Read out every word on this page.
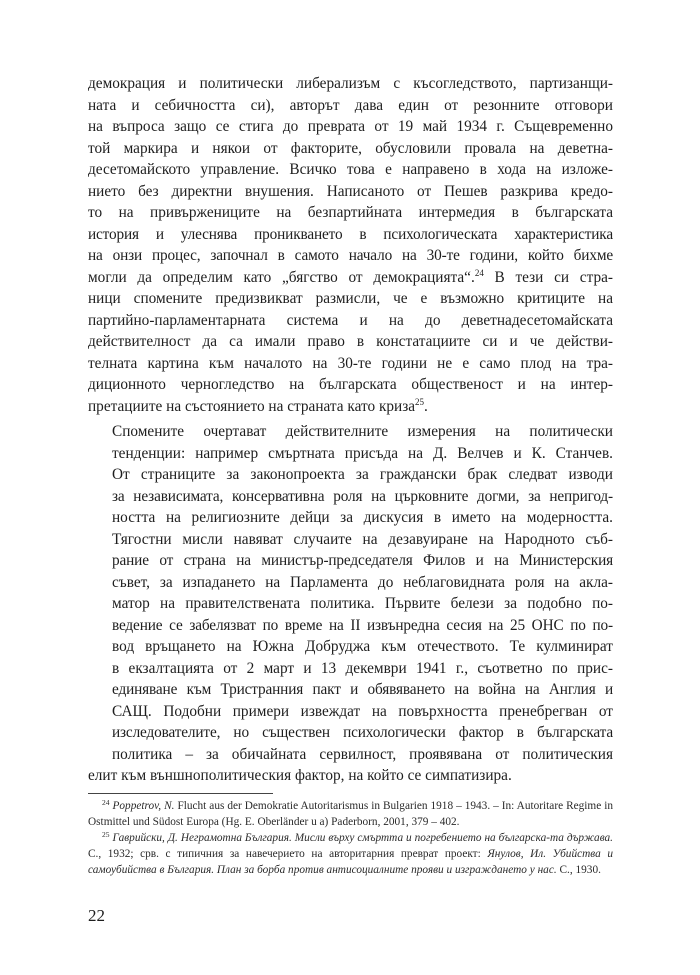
демокрация и политически либерализъм с късогледството, партизанщи-
ната и себичността си), авторът дава един от резонните отговори
на въпроса защо се стига до превратa от 19 май 1934 г. Същевременно
той маркира и някои от факторите, обусловили провала на деветна-
десетомайското управление. Всичко това е направено в хода на изложе-
нието без директни внушения. Написаното от Пешев разкрива кредо-
то на привържениците на безпартийната интермедия в българската
история и улеснява проникването в психологическата характеристика
на онзи процес, започнал в самото начало на 30-те години, който бихме
могли да определим като „бягство от демокрацията“.$^{24}$ В тези си стра-
ници спомените предизвикват размисли, че е възможно критиците на
партийно-парламентарната система и на до деветнадесетомайската
действителност да са имали право в констатациите си и че действи-
телната картина към началото на 30-те години не е само плод на тра-
диционното черногледство на българската общественост и на интер-

претациите на състоянието на страната като криза$^{25}$.

Спомените очертават действителните измерения на политически
тенденции: например смъртната присъда на Д. Велчев и К. Станчев.
От страниците за законопроекта за граждански брак следват изводи
за независимата, консервативна роля на църковните догми, за непригод-
ността на религиозните дейци за дискусия в името на модерността.
Тягостни мисли навяват случаите на дезавуиране на Народното съб-
рание от страна на министър-председателя Филов и на Министерския
съвет, за изпадането на Парламента до неблаговидната роля на акла-
матор на правителствената политика. Първите белези за подобно по-
ведение се забелязват по време на II извънредна сесия на 25 ОНС по по-
вод връщането на Южна Добруджа към отечеството. Те кулминират
в екзалтацията от 2 март и 13 декември 1941 г., съответно по прис-
единяване към Тристранния пакт и обявяването на война на Англия и
САЩ. Подобни примери извеждат на повърхността пренебрегван от
изследователите, но съществен психологически фактор в българската
политика – за обичайната сервилност, проявявана от политическия

елит към външнополитическия фактор, на който се симпатизира.

$^{24}$ Poppetrov, N. Flucht aus der Demokratie Autoritarismus in Bulgarien 1918 – 1943. – In: Autoritare Regime in Ostmittel und Südost Europa (Hg. E. Oberländer u a) Paderborn, 2001, 379 – 402.

$^{25}$ Гаврийски, Д. Неграмотна България. Мисли върху смъртта и погребението на българска-та държава. С., 1932; срв. с типичния за навечерието на авторитарния преврат проект: Янулов, Ил. Убийства и самоубийства в България. План за борба против антисоциалните прояви и изграждането у нас. С., 1930.

22
